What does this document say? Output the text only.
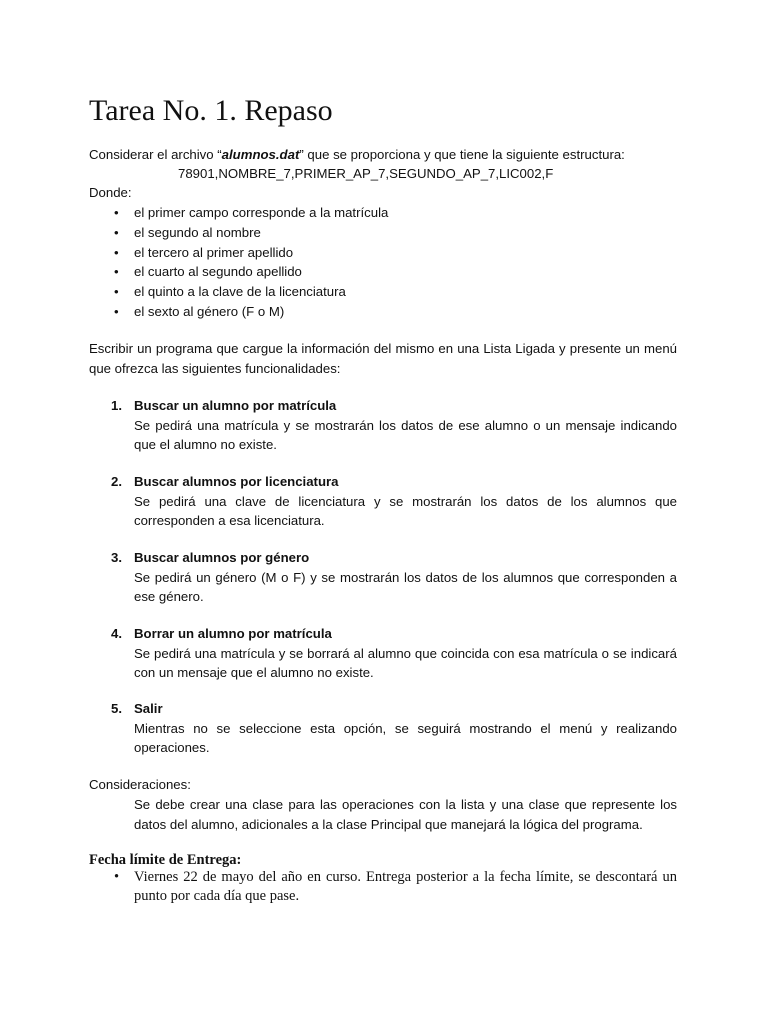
Tarea No. 1. Repaso
Considerar el archivo “alumnos.dat” que se proporciona y que tiene la siguiente estructura:
78901,NOMBRE_7,PRIMER_AP_7,SEGUNDO_AP_7,LIC002,F
Donde:
• el primer campo corresponde a la matrícula
• el segundo al nombre
• el tercero al primer apellido
• el cuarto al segundo apellido
• el quinto a la clave de la licenciatura
• el sexto al género (F o M)

Escribir un programa que cargue la información del mismo en una Lista Ligada y presente un menú que ofrezca las siguientes funcionalidades:

1. Buscar un alumno por matrícula
Se pedirá una matrícula y se mostrarán los datos de ese alumno o un mensaje indicando que el alumno no existe.
2. Buscar alumnos por licenciatura
Se pedirá una clave de licenciatura y se mostrarán los datos de los alumnos que corresponden a esa licenciatura.
3. Buscar alumnos por género
Se pedirá un género (M o F) y se mostrarán los datos de los alumnos que corresponden a ese género.
4. Borrar un alumno por matrícula
Se pedirá una matrícula y se borrará al alumno que coincida con esa matrícula o se indicará con un mensaje que el alumno no existe.
5. Salir
Mientras no se seleccione esta opción, se seguirá mostrando el menú y realizando operaciones.
Consideraciones:

Se debe crear una clase para las operaciones con la lista y una clase que represente los datos del alumno, adicionales a la clase Principal que manejará la lógica del programa.

Fecha límite de Entrega:
• Viernes 22 de mayo del año en curso. Entrega posterior a la fecha límite, se descontará un punto por cada día que pase.
